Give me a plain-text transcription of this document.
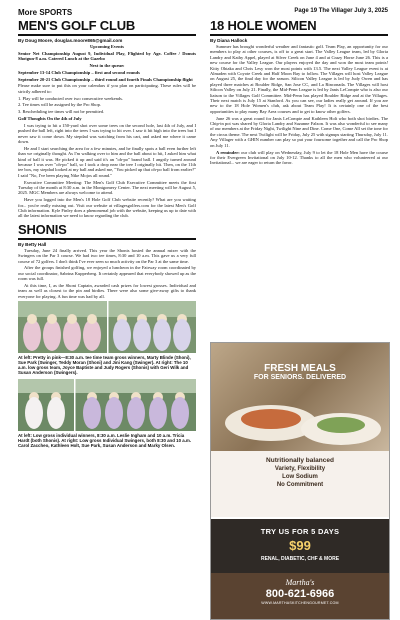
More SPORTS	Page 19 The Villager July 3, 2025
MEN'S GOLF CLUB
By Doug Moore, douglas.moore865@gmail.com

Upcoming Events

Senior Net Championship August 9, Individual Play, Flighted by Age. Coffee / Donuts Shotgun-8 a.m. Catered Lunch at the Gazebo

Next in the queue:

September 13-14 Club Championship – first and second rounds

September 20-21 Club Championship – third round and fourth Finals Championship flight

Please make sure to put this on your calendars if you plan on participating. These rules will be strictly adhered to:

1. Play will be conducted over two consecutive weekends.

2. Tee times will be assigned by the Pro Shop.

3. Rescheduling tee times will not be permitted.

Golf Thoughts On the 4th of July

I was trying to hit a 150-yard shot over some trees on the second hole, last 4th of July, and I pushed the ball left, right into the trees I was trying to hit over. I saw it hit high into the trees but I never saw it come down. My stepdad was watching from his cart, and asked me where it came down.

He and I start searching the area for a few minutes, and he finally spots a ball even further left than we originally thought. As I'm walking over to him and the ball about to hit, I asked him what kind of ball it was. He picked it up and said it's an "oh-po" brand ball. I angrily turned around because I was over "oh-po" ball, so I took a drop near the tree I originally hit. Then, on the 11th tee box, my stepdad looked at my ball and asked me, "You picked up that oh-po ball from earlier?" I said "No, I've been playing Nike Mojos all round."

Executive Committee Meeting: The Men's Golf Club Executive Committee meets the first Tuesday of the month at 8:30 a.m. in the Montgomery Center. The next meeting will be August 5, 2025. MGC Members are always welcome to attend.

Have you logged into the Men's 18 Hole Golf Club website recently? What are you waiting for... you're really missing out. Visit our website at villagesgolfers.com for the latest Men's Golf Club information. Kyle Finley does a phenomenal job with the website, keeping us up to date with all the latest information we need to know regarding the club.

SHONIS
By Betty Hall

Tuesday, June 24 finally arrived. This year the Shonis hosted the annual mixer with the Swingers on the Par 3 course. We had two tee times, 8:30 and 10 a.m. This gave us a very full course of 72 golfers. I don't think I've ever seen so much activity on the Par 3 at the same time.

After the groups finished golfing, we enjoyed a luncheon in the Fairway room coordinated by our social coordinator, Sabrina Kupperberg. It certainly appeared that everybody showed up as the room was full.

At this time, I, as the Shoni Captain, awarded cash prizes for lowest grosses. Individual and team as well as closest to the pin and birdies. There were also some give-away gifts to thank everyone for playing. A fun time was had by all.

At left: Pretty in pink—8:30 a.m. tee time team gross winners, Marty Blinde (Shoni), Sue Park (Swinger, Teddy Moran (Shoni) and Jini Kang (Swinger). At right: The 10 a.m. low gross team, Joyce Baptiste and Judy Rogers (Shonis) with Geri Wilk and Susan Anderson (Swingers).
At left: Low gross individual winners, 8:30 a.m. Leslie Ingham and 10 a.m. Tricia Hardt (both Shonis). At right: Low gross Individual Swingers, both 8:30 and 10 a.m. Carol Zaccheo, Kathleen Holt, Sue Park, Susan Anderson and Marky Olsen.
18 HOLE WOMEN
By Diana Hallock

Summer has brought wonderful weather and fantastic golf. Team Play, an opportunity for our members to play at other courses, is off to a great start. The Valley League team, led by Gloria Landry and Kathy Appel, played at Silver Creek on June 4 and at Crazy Horse June 26. This is a new course for the Valley League. Our players enjoyed the day and won the most team points! Kitty Ohtaka and Chris Lesy won the most points with 13.5. The next Valley League event is at Almaden with Coyote Creek and Half Moon Bay to follow. The Villages will host Valley League on August 25, the final day for the season. Silicon Valley League is led by Judy Owen and has played three matches at Boulder Ridge, San Jose CC, and La Rinconada. The Villages will host Silicon Valley on July 21. Finally, the Mid-Penn League is led by Janis LeCompte who is also our liaison to the Villages Golf Committee. Mid-Penn has played Boulder Ridge and at the Villages. Their next match is July 15 at Stanford. As you can see, our ladies really get around. If you are new to the 18 Hole Women's club, ask about Team Play! It is certainly one of the best opportunities to play many Bay Area courses and to get to know other golfers.

June 26 was a great round for Janis LeCompte and Kathleen Holt who both shot birdies. The Chip-in pot was shared by Gloria Landry and Suzanne Falzon. It was also wonderful to see many of our members at the Friday Night, Twilight Nine and Dine. Come One, Come All set the tone for the circus theme. The next Twilight will be Friday, July 25 with signups starting Thursday, July 11. Any Villager with a GHIN number can play so put your foursome together and call the Pro Shop on July 11.

A reminder: our club will play on Wednesday, July 9 to let the 18 Hole Men have the course for their Evergreen Invitational on July 10-12. Thanks to all the men who volunteered at our Invitational... we are eager to return the favor.

FRESH MEALS
FOR SENIORS. DELIVERED
Nutritionally balanced
Variety, Flexibility
Low Sodium
No Commitment
TRY US FOR 5 DAYS
$99
RENAL, DIABETIC, CHF & MORE
Martha's
800-621-6966
WWW.MARTHASKITCHENGOURMET.COM
